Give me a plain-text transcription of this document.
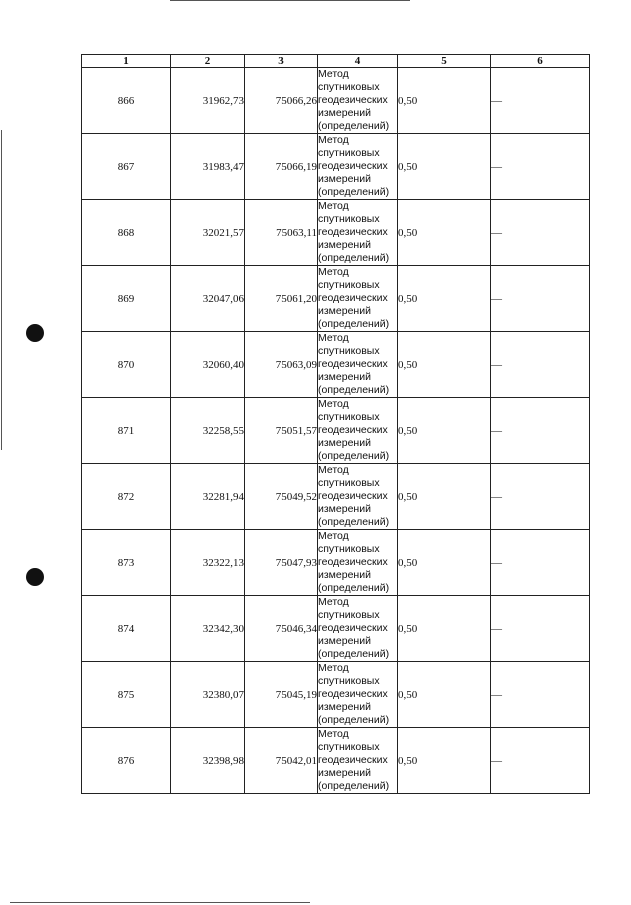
1	2	3	4	5	6
866	31962,73	75066,26	Метод
спутниковых
геодезических
измерений
(определений)	0,50	—
867	31983,47	75066,19	Метод
спутниковых
геодезических
измерений
(определений)	0,50	—
868	32021,57	75063,11	Метод
спутниковых
геодезических
измерений
(определений)	0,50	—
869	32047,06	75061,20	Метод
спутниковых
геодезических
измерений
(определений)	0,50	—
870	32060,40	75063,09	Метод
спутниковых
геодезических
измерений
(определений)	0,50	—
871	32258,55	75051,57	Метод
спутниковых
геодезических
измерений
(определений)	0,50	—
872	32281,94	75049,52	Метод
спутниковых
геодезических
измерений
(определений)	0,50	—
873	32322,13	75047,93	Метод
спутниковых
геодезических
измерений
(определений)	0,50	—
874	32342,30	75046,34	Метод
спутниковых
геодезических
измерений
(определений)	0,50	—
875	32380,07	75045,19	Метод
спутниковых
геодезических
измерений
(определений)	0,50	—
876	32398,98	75042,01	Метод
спутниковых
геодезических
измерений
(определений)	0,50	—
